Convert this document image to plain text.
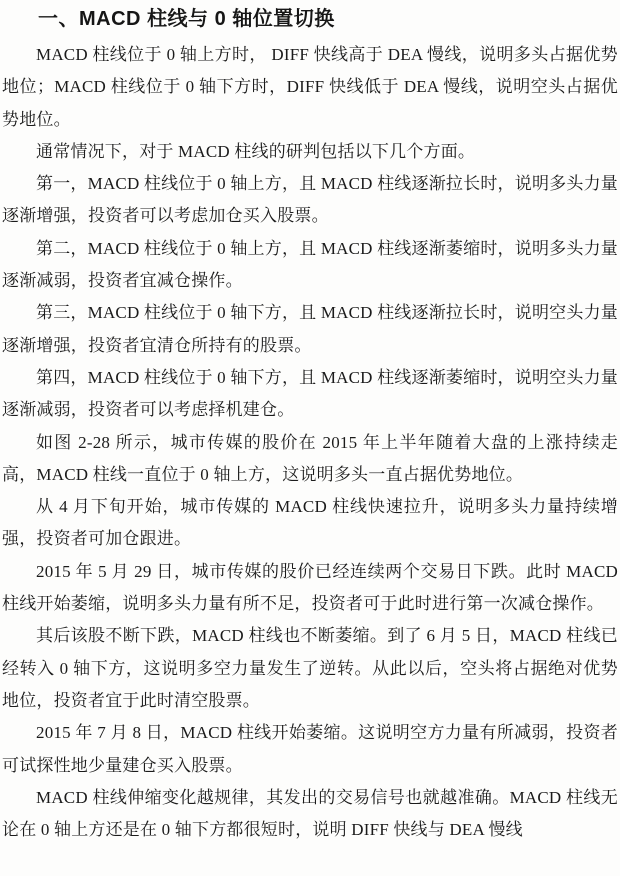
一、MACD 柱线与 0 轴位置切换

MACD 柱线位于 0 轴上方时， DIFF 快线高于 DEA 慢线，说明多头占据优势地位；MACD 柱线位于 0 轴下方时，DIFF 快线低于 DEA 慢线，说明空头占据优势地位。

通常情况下，对于 MACD 柱线的研判包括以下几个方面。

第一，MACD 柱线位于 0 轴上方，且 MACD 柱线逐渐拉长时，说明多头力量逐渐增强，投资者可以考虑加仓买入股票。

第二，MACD 柱线位于 0 轴上方，且 MACD 柱线逐渐萎缩时，说明多头力量逐渐减弱，投资者宜减仓操作。

第三，MACD 柱线位于 0 轴下方，且 MACD 柱线逐渐拉长时，说明空头力量逐渐增强，投资者宜清仓所持有的股票。

第四，MACD 柱线位于 0 轴下方，且 MACD 柱线逐渐萎缩时，说明空头力量逐渐减弱，投资者可以考虑择机建仓。

如图 2-28 所示，城市传媒的股价在 2015 年上半年随着大盘的上涨持续走高，MACD 柱线一直位于 0 轴上方，这说明多头一直占据优势地位。

从 4 月下旬开始，城市传媒的 MACD 柱线快速拉升，说明多头力量持续增强，投资者可加仓跟进。

2015 年 5 月 29 日，城市传媒的股价已经连续两个交易日下跌。此时 MACD 柱线开始萎缩，说明多头力量有所不足，投资者可于此时进行第一次减仓操作。

其后该股不断下跌，MACD 柱线也不断萎缩。到了 6 月 5 日，MACD 柱线已经转入 0 轴下方，这说明多空力量发生了逆转。从此以后，空头将占据绝对优势地位，投资者宜于此时清空股票。

2015 年 7 月 8 日，MACD 柱线开始萎缩。这说明空方力量有所减弱，投资者可试探性地少量建仓买入股票。

MACD 柱线伸缩变化越规律，其发出的交易信号也就越准确。MACD 柱线无论在 0 轴上方还是在 0 轴下方都很短时，说明 DIFF 快线与 DEA 慢线
